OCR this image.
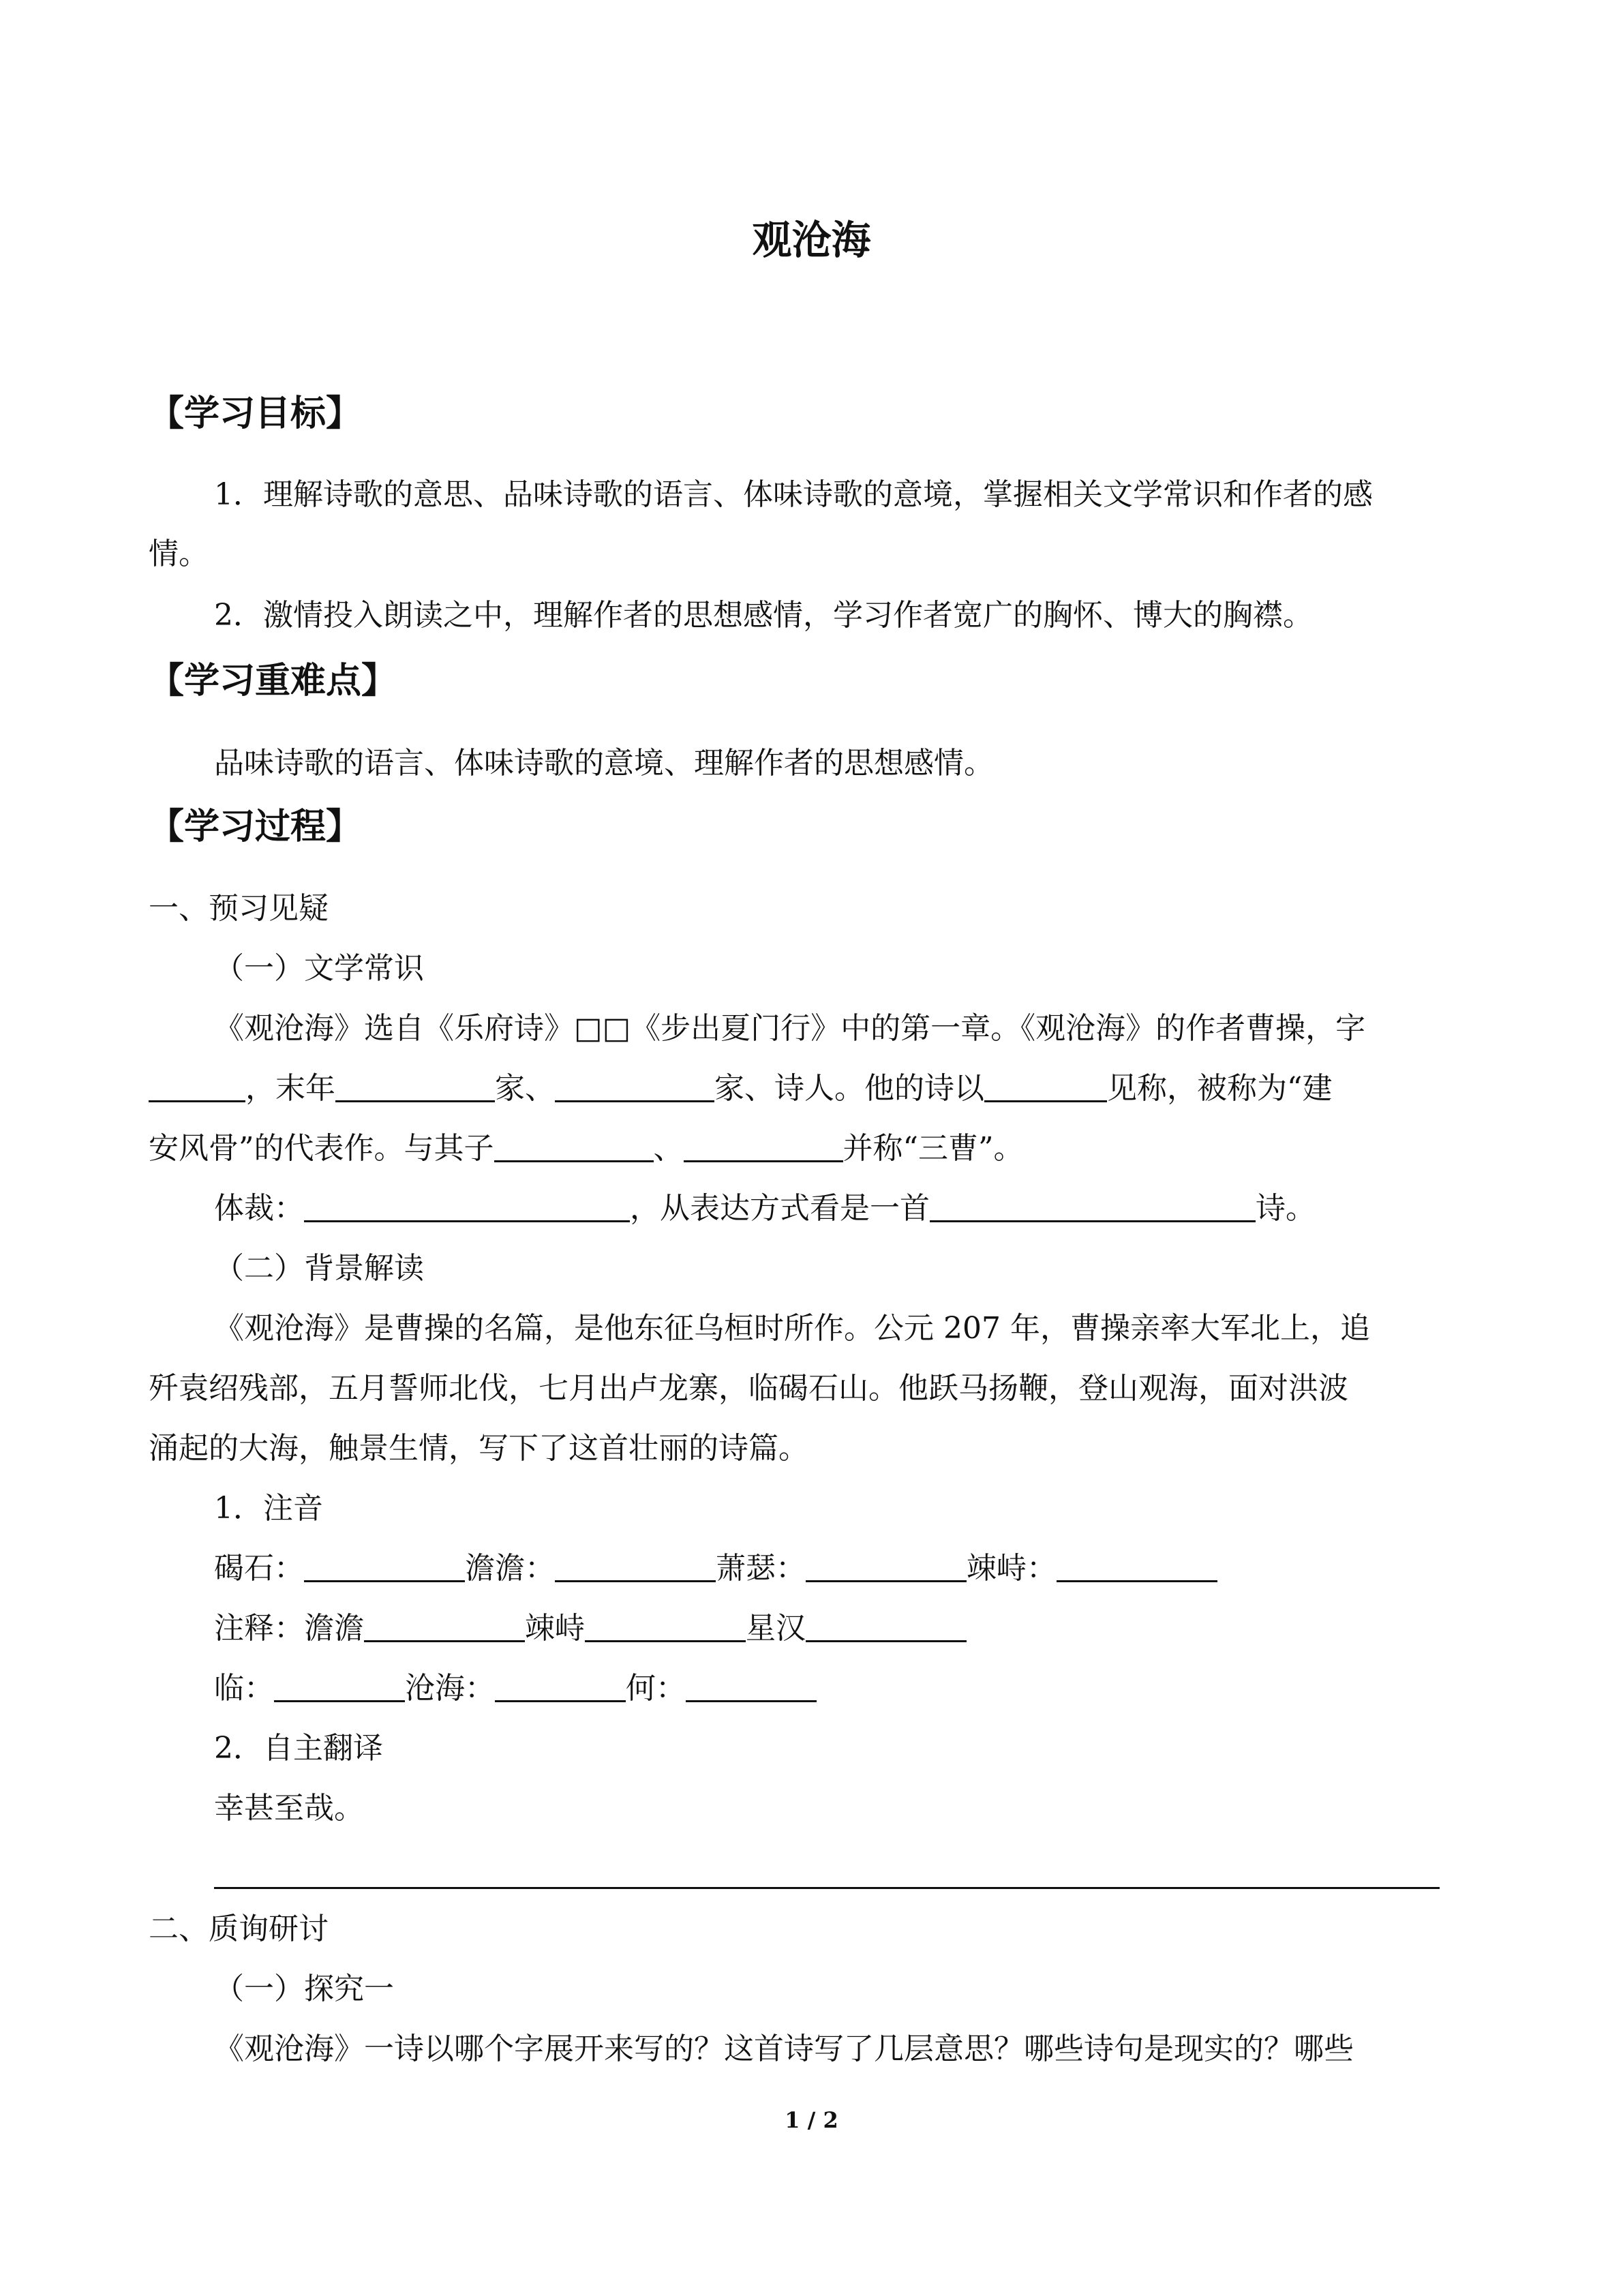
观沧海
【学习目标】
1．理解诗歌的意思、品味诗歌的语言、体味诗歌的意境，掌握相关文学常识和作者的感
情。
2．激情投入朗读之中，理解作者的思想感情，学习作者宽广的胸怀、博大的胸襟。
【学习重难点】
品味诗歌的语言、体味诗歌的意境、理解作者的思想感情。
【学习过程】
一、预习见疑
（一）文学常识
《观沧海》选自《乐府诗》□□《步出夏门行》中的第一章。《观沧海》的作者曹操，字
，末年	家、	家、诗人。他的诗以	见称，被称为“建
安风骨”的代表作。与其子	、	并称“三曹”。
体裁：	，从表达方式看是一首	诗。
（二）背景解读
《观沧海》是曹操的名篇，是他东征乌桓时所作。公元 207 年，曹操亲率大军北上，追
歼袁绍残部，五月誓师北伐，七月出卢龙寨，临碣石山。他跃马扬鞭，登山观海，面对洪波
涌起的大海，触景生情，写下了这首壮丽的诗篇。
1．注音
碣石：	澹澹：	萧瑟：	竦峙：
注释：澹澹	竦峙	星汉
临：	沧海：	何：
2．自主翻译
幸甚至哉。
二、质询研讨
（一）探究一
《观沧海》一诗以哪个字展开来写的？这首诗写了几层意思？哪些诗句是现实的？哪些
1 / 2
